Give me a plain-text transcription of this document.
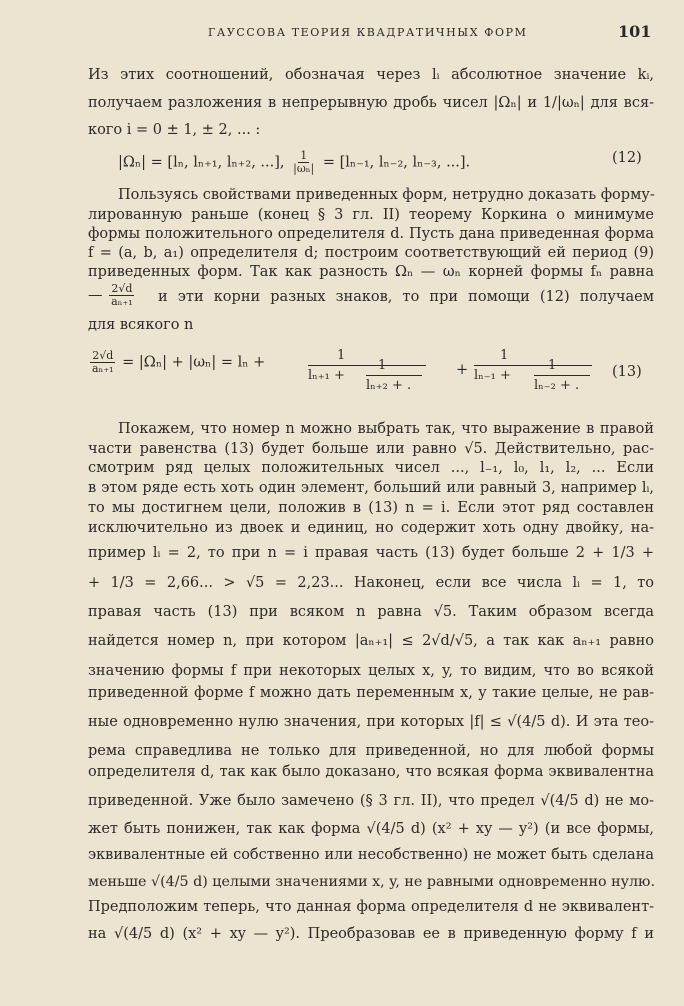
ГАУССОВА ТЕОРИЯ КВАДРАТИЧНЫХ ФОРМ	101
Из этих соотношений, обозначая через lᵢ абсолютное значение kᵢ,
получаем разложения в непрерывную дробь чисел |Ωₙ| и 1/|ωₙ| для вся-
кого i = 0 ± 1, ± 2, ... :
|Ωₙ| = [lₙ, lₙ₊₁, lₙ₊₂, ...], $\frac{1}{\text{|ωₙ|}} = [l_{n-1}$, lₙ₋₂, lₙ₋₃, ...].	(12)
Пользуясь свойствами приведенных форм, нетрудно доказать форму-
лированную раньше (конец § 3 гл. II) теорему Коркина о минимуме
формы положительного определителя d. Пусть дана приведенная форма
f = (a, b, a₁) определителя d; построим соответствующий ей период (9)
приведенных форм. Так как разность Ωₙ — ωₙ корней формы fₙ равна
— $\frac{2√d}{\text{aₙ₊₁}}$ и эти корни разных знаков, то при помощи (12) получаем
для всякого n
$\frac{2√d}{\text{aₙ₊₁}} = |\Omega_n| + |\omega_n| = l_n$ +	1
lₙ₊₁ +
1
lₙ₊₂ + .
+
1
lₙ₋₁ +
1
lₙ₋₂ + .
(13)
Покажем, что номер n можно выбрать так, что выражение в правой
части равенства (13) будет больше или равно √5. Действительно, рас-
смотрим ряд целых положительных чисел ..., l₋₁, l₀, l₁, l₂, ... Если
в этом ряде есть хоть один элемент, больший или равный 3, например lᵢ,
то мы достигнем цели, положив в (13) n = i. Если этот ряд составлен
исключительно из двоек и единиц, но содержит хоть одну двойку, на-
пример lᵢ = 2, то при n = i правая часть (13) будет больше 2 + 1/3 +
+ 1/3 = 2,66... > √5 = 2,23... Наконец, если все числа lᵢ = 1, то
правая часть (13) при всяком n равна √5. Таким образом всегда
найдется номер n, при котором |aₙ₊₁| ≤ 2√d/√5, а так как aₙ₊₁ равно
значению формы f при некоторых целых x, y, то видим, что во всякой
приведенной форме f можно дать переменным x, y такие целые, не рав-
ные одновременно нулю значения, при которых |f| ≤ √(4/5 d). И эта тео-
рема справедлива не только для приведенной, но для любой формы
определителя d, так как было доказано, что всякая форма эквивалентна
приведенной. Уже было замечено (§ 3 гл. II), что предел √(4/5 d) не мо-
жет быть понижен, так как форма √(4/5 d) (x² + xy — y²) (и все формы,
эквивалентные ей собственно или несобственно) не может быть сделана
меньше √(4/5 d) целыми значениями x, y, не равными одновременно нулю.
Предположим теперь, что данная форма определителя d не эквивалент-
на √(4/5 d) (x² + xy — y²). Преобразовав ее в приведенную форму f и
